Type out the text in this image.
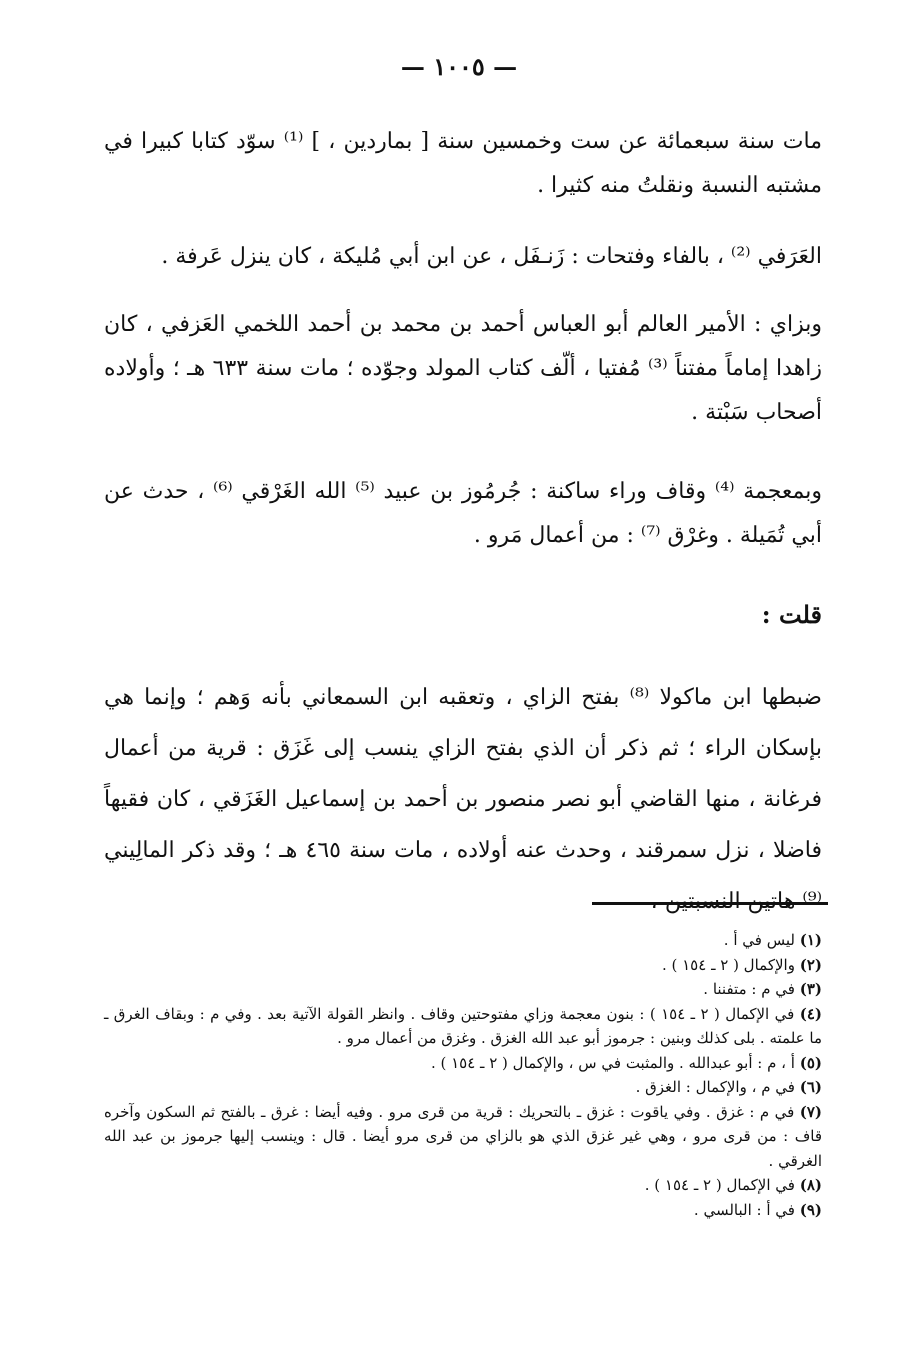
— ١٠٠٥ —

مات سنة سبعمائة عن ست وخمسين سنة [ بماردين ، ] ⁽¹⁾ سوّد كتابا كبيرا في مشتبه النسبة ونقلتُ منه كثيرا .

العَرَفي ⁽²⁾ ، بالفاء وفتحات : زَنـفَل ، عن ابن أبي مُليكة ، كان ينزل عَرفة .

وبزاي : الأمير العالم أبو العباس أحمد بن محمد بن أحمد اللخمي العَزفي ، كان زاهدا إماماً مفتناً ⁽³⁾ مُفتيا ، ألّف كتاب المولد وجوّده ؛ مات سنة ٦٣٣ هـ ؛ وأولاده أصحاب سَبْتة .

وبمعجمة ⁽⁴⁾ وقاف وراء ساكنة : جُرمُوز بن عبيد ⁽⁵⁾ الله الغَرْقي ⁽⁶⁾ ، حدث عن أبي تُمَيلة . وغرْق ⁽⁷⁾ : من أعمال مَرو .

قلت :

ضبطها ابن ماكولا ⁽⁸⁾ بفتح الزاي ، وتعقبه ابن السمعاني بأنه وَهم ؛ وإنما هي بإسكان الراء ؛ ثم ذكر أن الذي بفتح الزاي ينسب إلى غَزَق : قرية من أعمال فرغانة ، منها القاضي أبو نصر منصور بن أحمد بن إسماعيل الغَزَقي ، كان فقيهاً فاضلا ، نزل سمرقند ، وحدث عنه أولاده ، مات سنة ٤٦٥ هـ ؛ وقد ذكر المالِيني ⁽⁹⁾ هاتين النسبتين ،

(١) ليس في أ .
(٢) والإكمال ( ٢ ـ ١٥٤ ) .
(٣) في م : متفننا .
(٤) في الإكمال ( ٢ ـ ١٥٤ ) : بنون معجمة وزاي مفتوحتين وقاف . وانظر القولة الآتية بعد . وفي م : وبقاف الغرق ـ ما علمته . بلى كذلك وبنين : جرموز أبو عبد الله الغزق . وغزق من أعمال مرو .
(٥) أ ، م : أبو عبدالله . والمثبت في س ، والإكمال ( ٢ ـ ١٥٤ ) .
(٦) في م ، والإكمال : الغزق .
(٧) في م : غزق . وفي ياقوت : غزق ـ بالتحريك : قرية من قرى مرو . وفيه أيضا : غرق ـ بالفتح ثم السكون وآخره قاف : من قرى مرو ، وهي غير غزق الذي هو بالزاي من قرى مرو أيضا . قال : وينسب إليها جرموز بن عبد الله الغرقي .
(٨) في الإكمال ( ٢ ـ ١٥٤ ) .
(٩) في أ : البالسي .
